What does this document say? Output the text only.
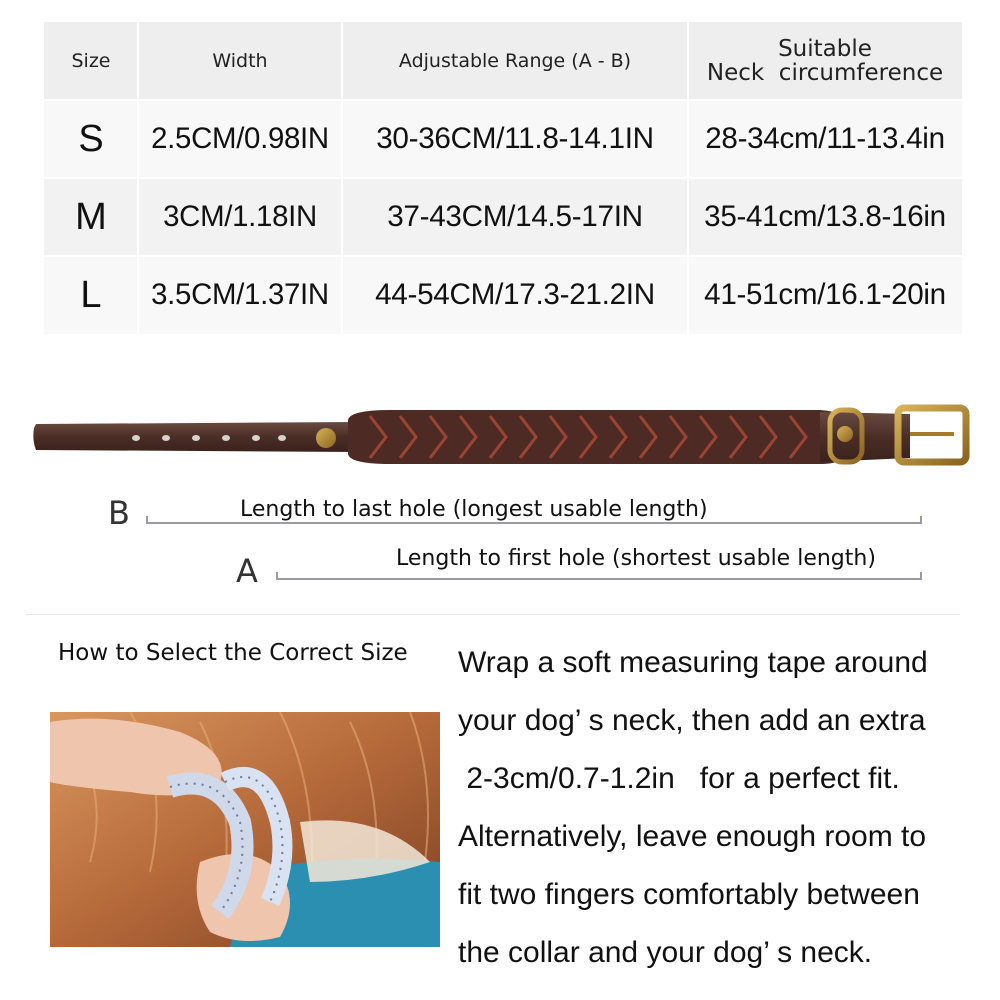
Size	Width	Adjustable Range (A - B)	Suitable
Neck  circumference
S	2.5CM/0.98IN	30-36CM/11.8-14.1IN	28-34cm/11-13.4in
M	3CM/1.18IN	37-43CM/14.5-17IN	35-41cm/13.8-16in
L	3.5CM/1.37IN	44-54CM/17.3-21.2IN	41-51cm/16.1-20in
B	Length to last hole (longest usable length)
A	Length to first hole (shortest usable length)
How to Select the Correct Size Wrap a soft measuring tape around
your dog’ s neck, then add an extra
2-3cm/0.7-1.2in   for a perfect fit.
Alternatively, leave enough room to
fit two fingers comfortably between
the collar and your dog’ s neck.
